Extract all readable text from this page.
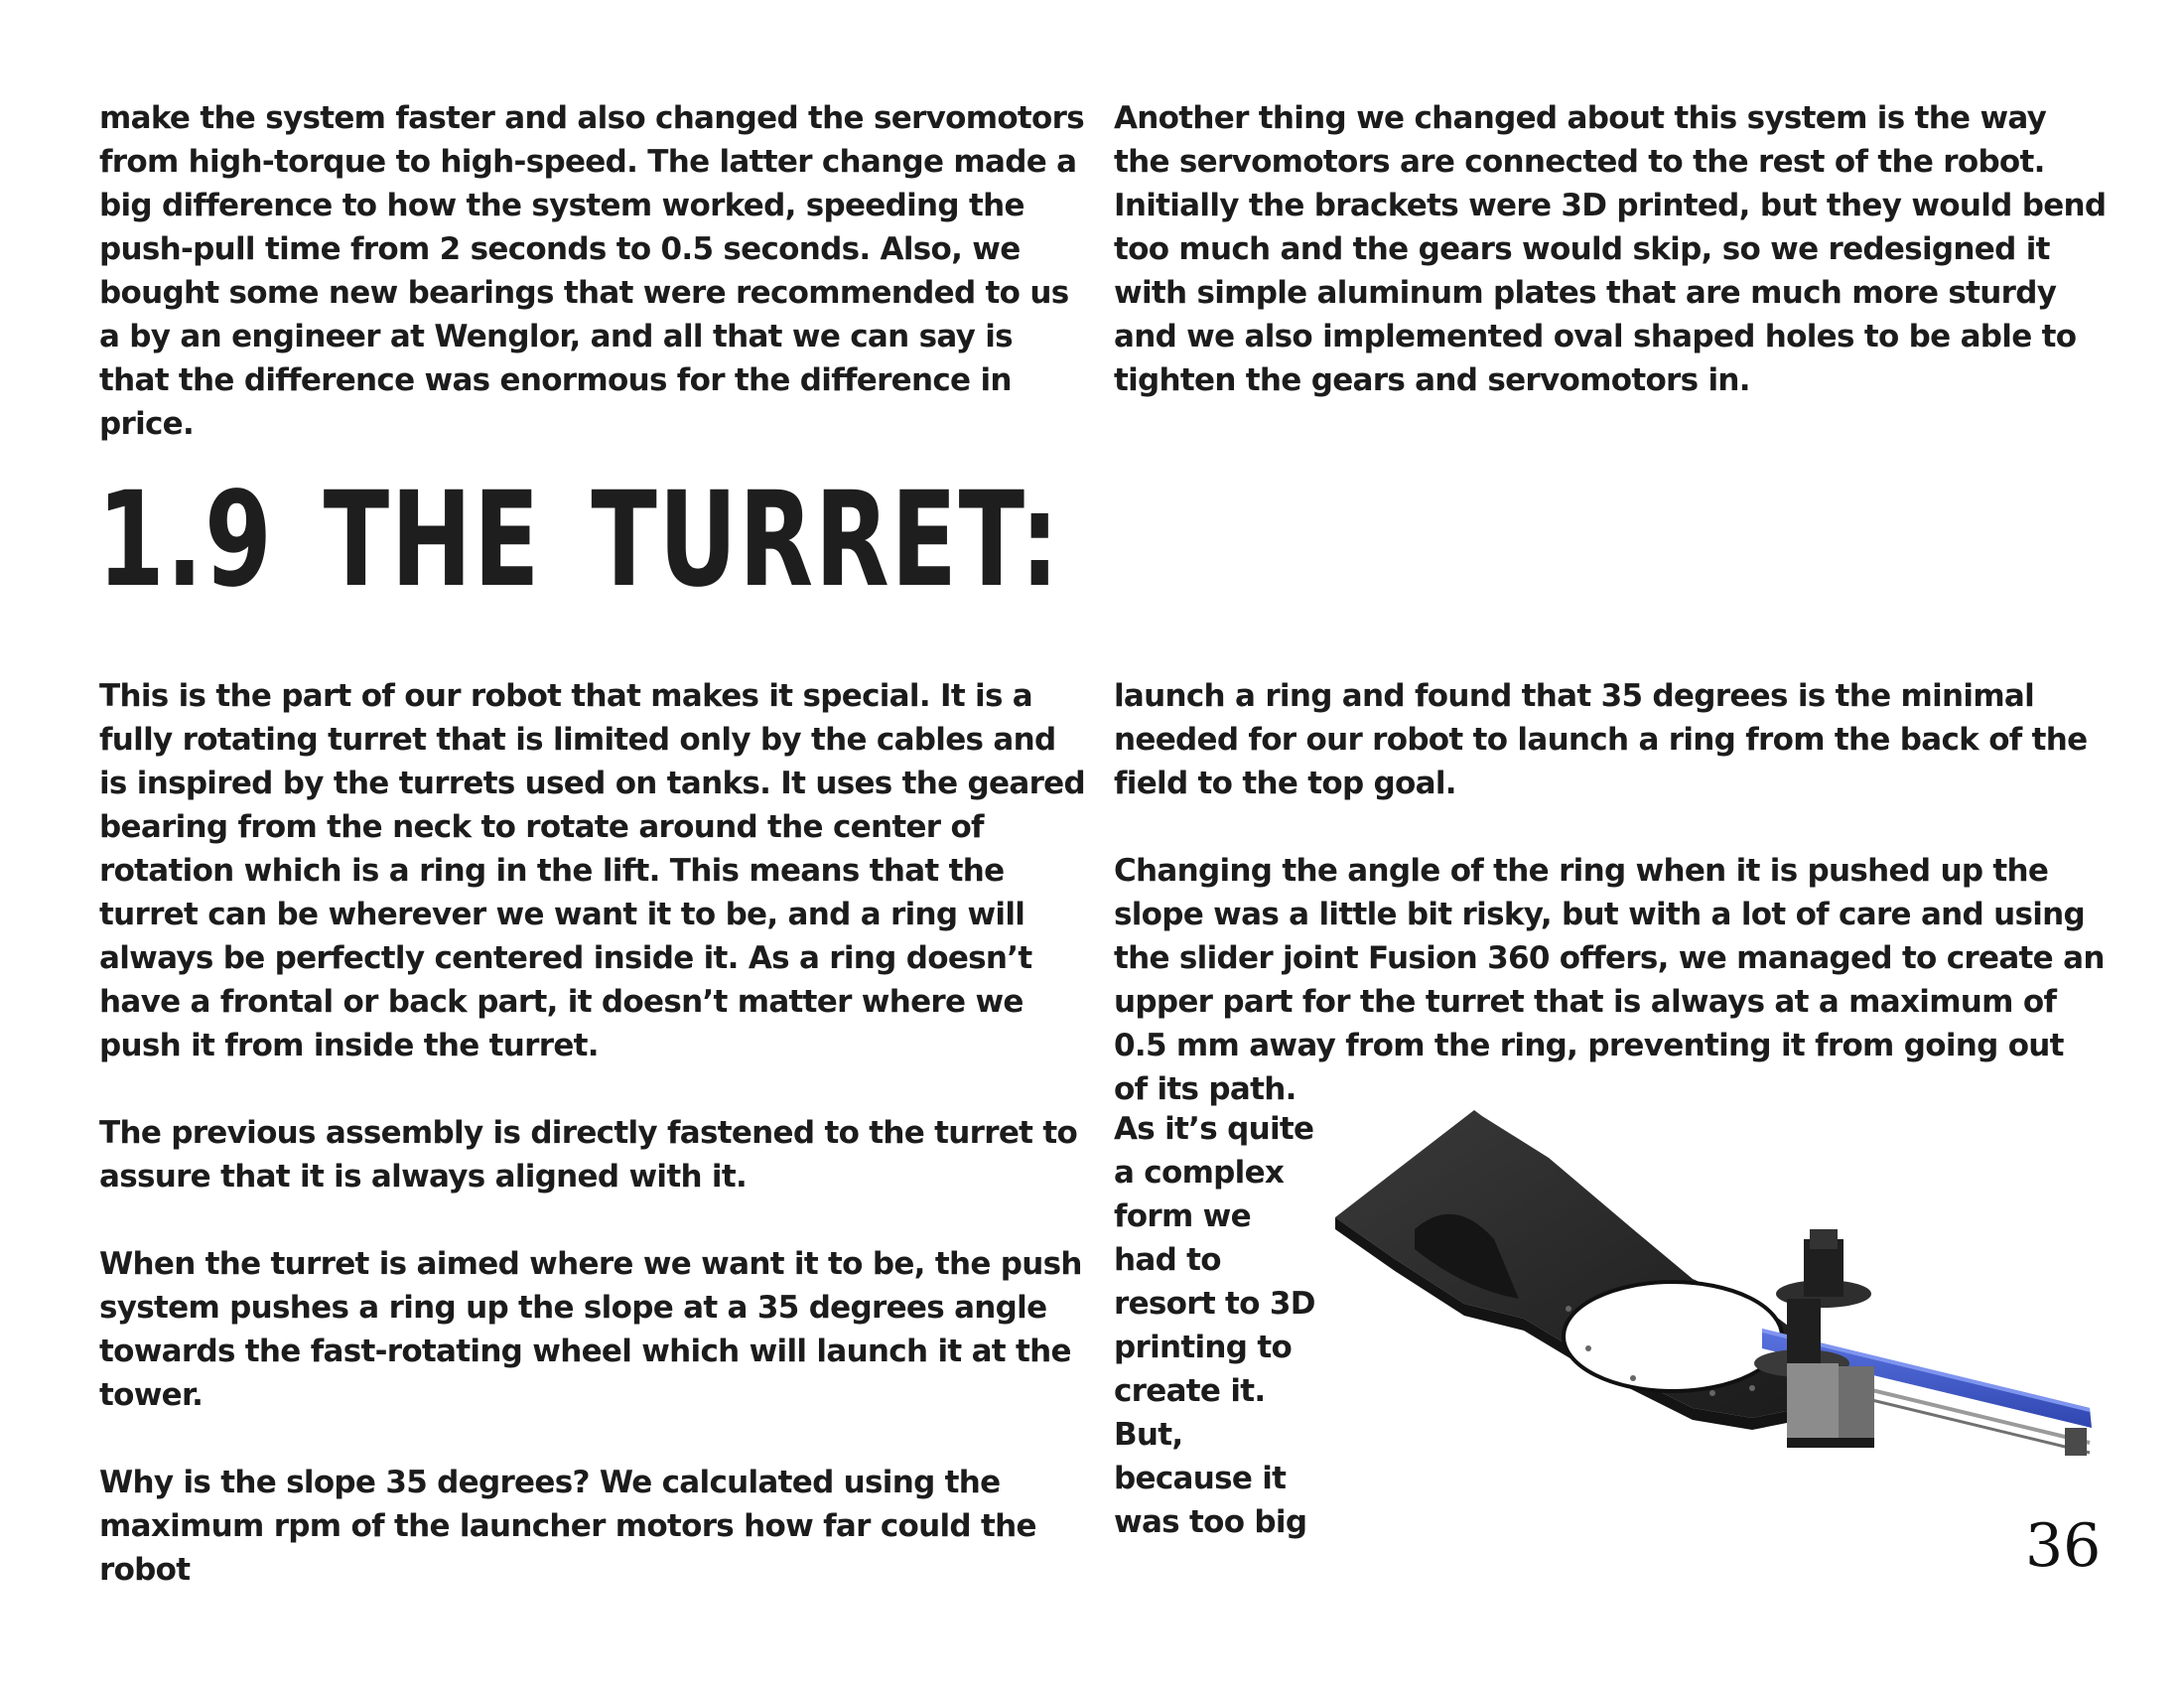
make the system faster and also changed the servomotors from high-torque to high-speed. The latter change made a big difference to how the system worked, speeding the push-pull time from 2 seconds to 0.5 seconds. Also, we bought some new bearings that were recommended to us a by an engineer at Wenglor, and all that we can say is that the difference was enormous for the difference in price.

Another thing we changed about this system is the way the servomotors are connected to the rest of the robot. Initially the brackets were 3D printed, but they would bend too much and the gears would skip, so we redesigned it with simple aluminum plates that are much more sturdy and we also implemented oval shaped holes to be able to tighten the gears and servomotors in.

1.9 THE TURRET:

This is the part of our robot that makes it special. It is a fully rotating turret that is limited only by the cables and is inspired by the turrets used on tanks. It uses the geared bearing from the neck to rotate around the center of rotation which is a ring in the lift. This means that the turret can be wherever we want it to be, and a ring will always be perfectly centered inside it. As a ring doesn’t have a frontal or back part, it doesn’t matter where we push it from inside the turret.

The previous assembly is directly fastened to the turret to assure that it is always aligned with it.

When the turret is aimed where we want it to be, the push system pushes a ring up the slope at a 35 degrees angle towards the fast-rotating wheel which will launch it at the tower.

Why is the slope 35 degrees? We calculated using the maximum rpm of the launcher motors how far could the robot

launch a ring and found that 35 degrees is the minimal needed for our robot to launch a ring from the back of the field to the top goal.

Changing the angle of the ring when it is pushed up the slope was a little bit risky, but with a lot of care and using the slider joint Fusion 360 offers, we managed to create an upper part for the turret that is always at a maximum of 0.5 mm away from the ring, preventing it from going out of its path.

As it’s quite a complex form we had to resort to 3D printing to create it. But, because it was too big	36
